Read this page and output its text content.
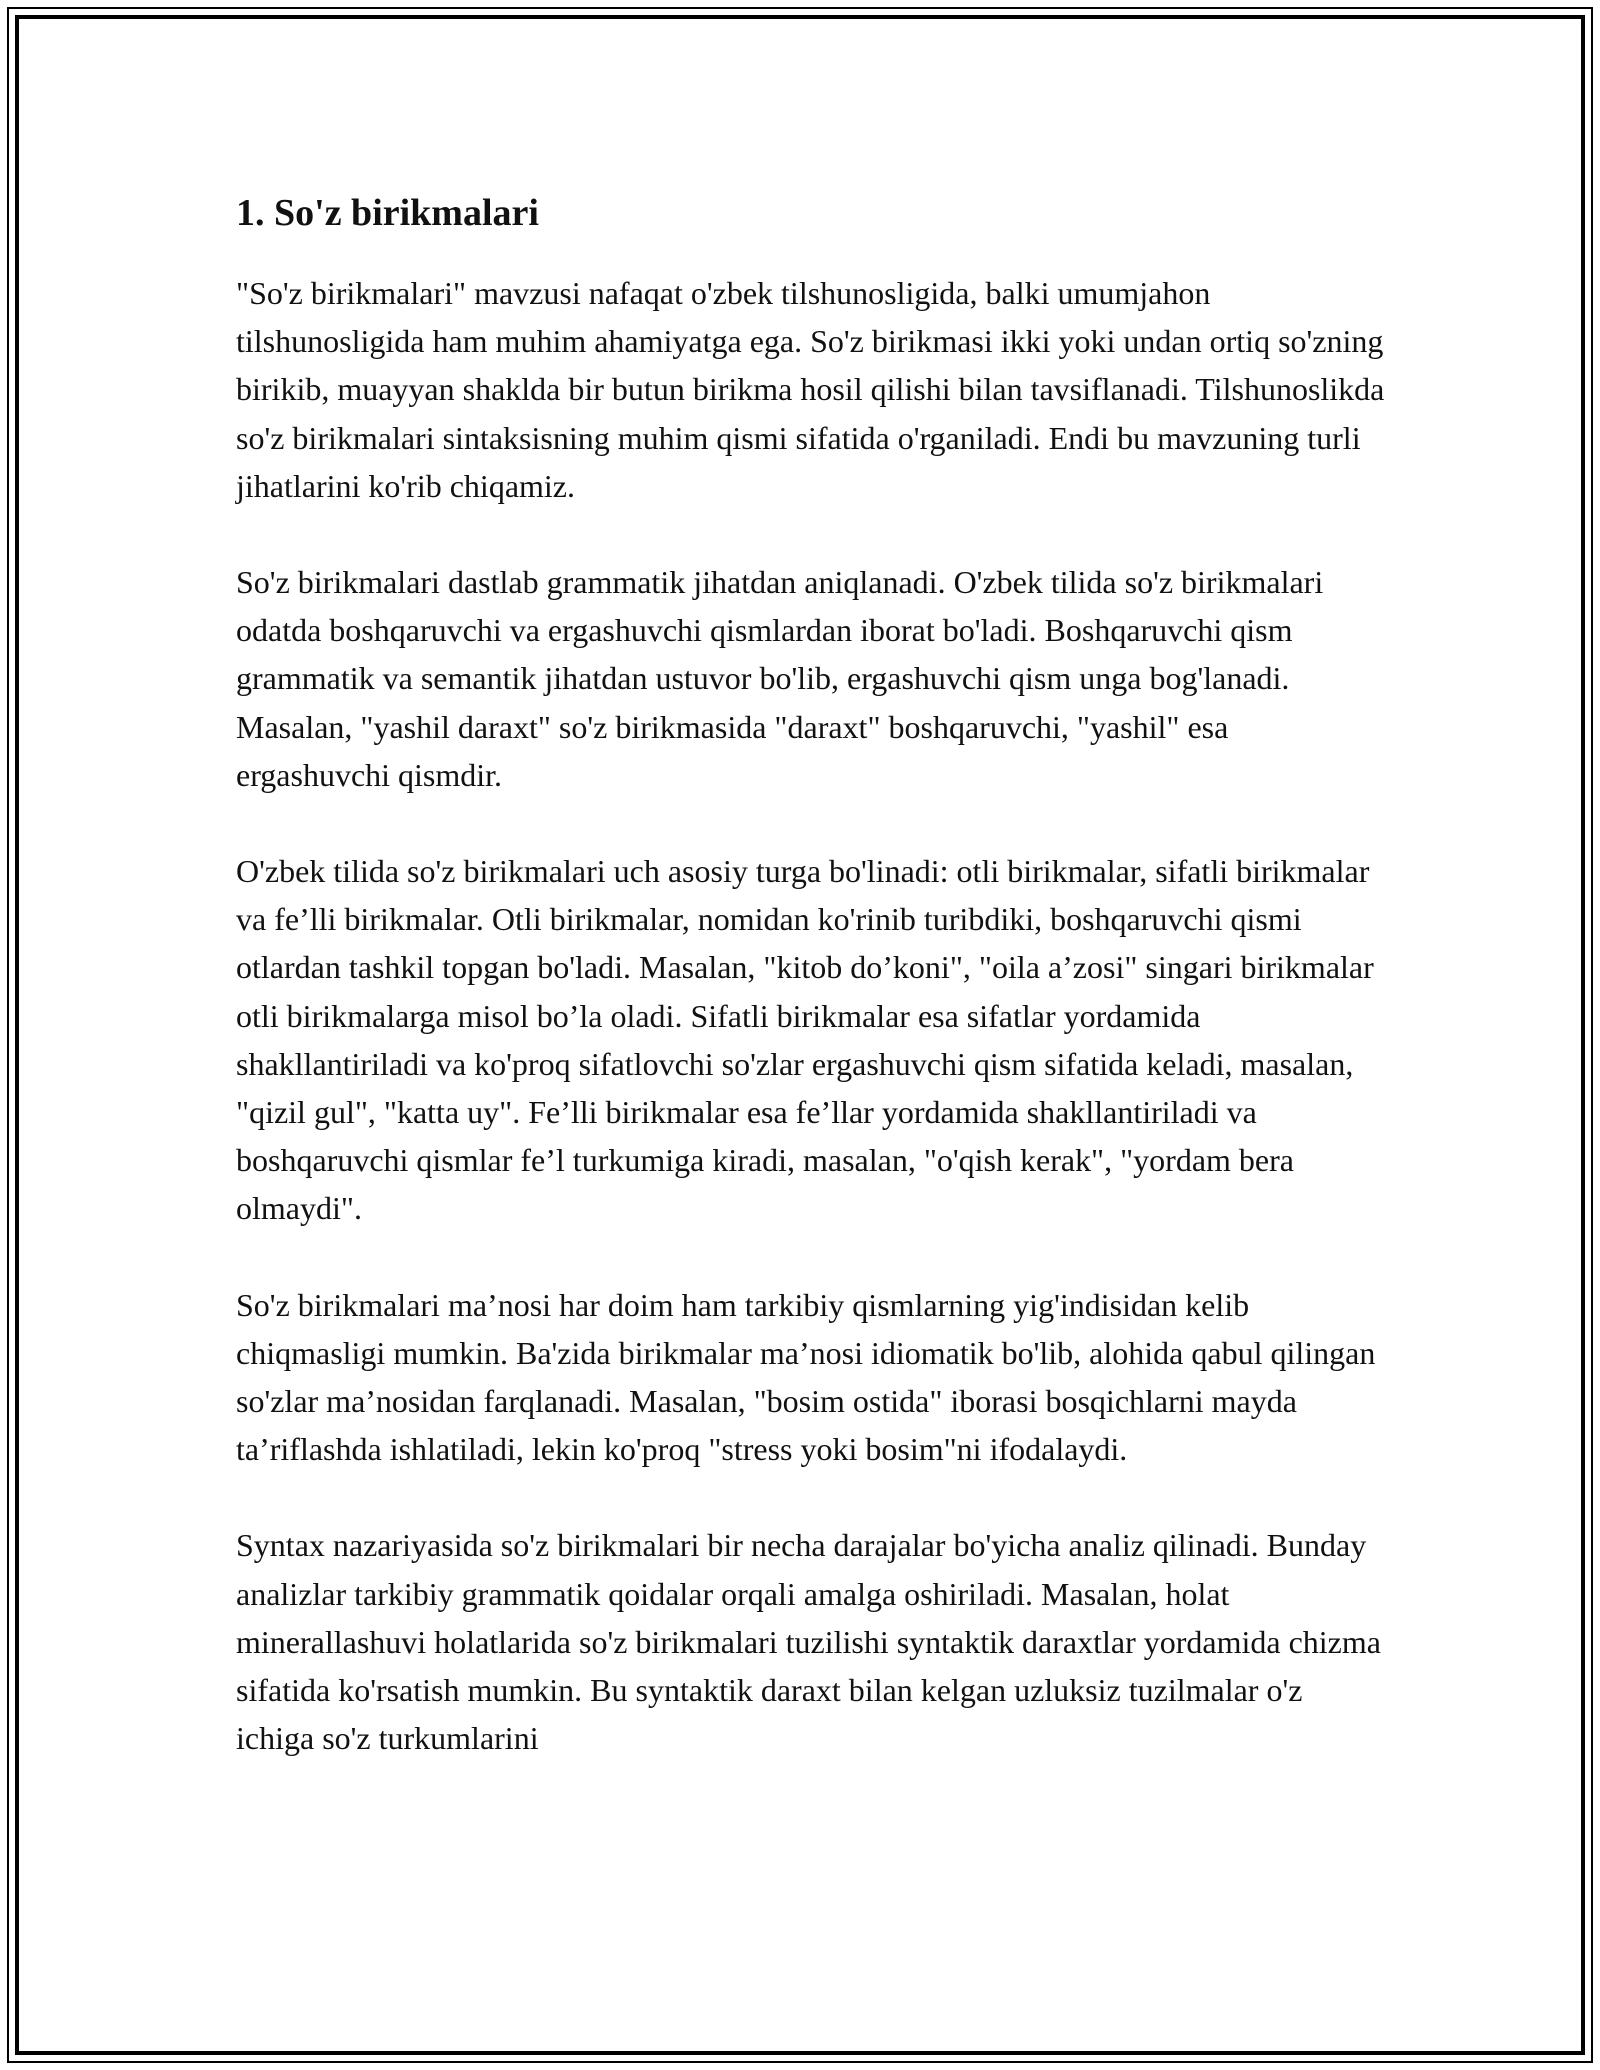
1. So'z birikmalari

"So'z birikmalari" mavzusi nafaqat o'zbek tilshunosligida, balki umumjahon tilshunosligida ham muhim ahamiyatga ega. So'z birikmasi ikki yoki undan ortiq so'zning birikib, muayyan shaklda bir butun birikma hosil qilishi bilan tavsiflanadi. Tilshunoslikda so'z birikmalari sintaksisning muhim qismi sifatida o'rganiladi. Endi bu mavzuning turli jihatlarini ko'rib chiqamiz.

So'z birikmalari dastlab grammatik jihatdan aniqlanadi. O'zbek tilida so'z birikmalari odatda boshqaruvchi va ergashuvchi qismlardan iborat bo'ladi. Boshqaruvchi qism grammatik va semantik jihatdan ustuvor bo'lib, ergashuvchi qism unga bog'lanadi. Masalan, "yashil daraxt" so'z birikmasida "daraxt" boshqaruvchi, "yashil" esa ergashuvchi qismdir.

O'zbek tilida so'z birikmalari uch asosiy turga bo'linadi: otli birikmalar, sifatli birikmalar va fe’lli birikmalar. Otli birikmalar, nomidan ko'rinib turibdiki, boshqaruvchi qismi otlardan tashkil topgan bo'ladi. Masalan, "kitob do’koni", "oila a’zosi" singari birikmalar otli birikmalarga misol bo’la oladi. Sifatli birikmalar esa sifatlar yordamida shakllantiriladi va ko'proq sifatlovchi so'zlar ergashuvchi qism sifatida keladi, masalan, "qizil gul", "katta uy". Fe’lli birikmalar esa fe’llar yordamida shakllantiriladi va boshqaruvchi qismlar fe’l turkumiga kiradi, masalan, "o'qish kerak", "yordam bera olmaydi".

So'z birikmalari ma’nosi har doim ham tarkibiy qismlarning yig'indisidan kelib chiqmasligi mumkin. Ba'zida birikmalar ma’nosi idiomatik bo'lib, alohida qabul qilingan so'zlar ma’nosidan farqlanadi. Masalan, "bosim ostida" iborasi bosqichlarni mayda ta’riflashda ishlatiladi, lekin ko'proq "stress yoki bosim"ni ifodalaydi.

Syntax nazariyasida so'z birikmalari bir necha darajalar bo'yicha analiz qilinadi. Bunday analizlar tarkibiy grammatik qoidalar orqali amalga oshiriladi. Masalan, holat minerallashuvi holatlarida so'z birikmalari tuzilishi syntaktik daraxtlar yordamida chizma sifatida ko'rsatish mumkin. Bu syntaktik daraxt bilan kelgan uzluksiz tuzilmalar o'z ichiga so'z turkumlarini
